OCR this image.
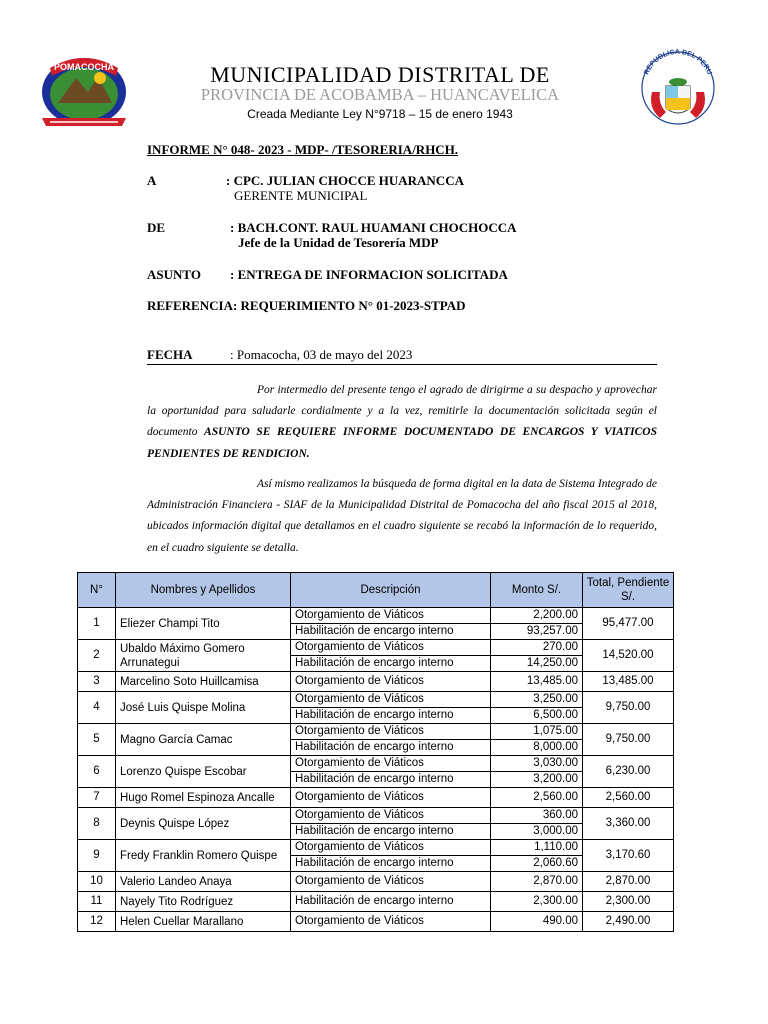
POMACOCHA
REPUBLICA DEL PERU
MUNICIPALIDAD DISTRITAL DE
PROVINCIA DE ACOBAMBA – HUANCAVELICA
Creada Mediante Ley N°9718 – 15 de enero 1943
INFORME N° 048- 2023 - MDP- /TESORERIA/RHCH.
A	: CPC. JULIAN CHOCCE HUARANCCA
GERENTE MUNICIPAL
DE	: BACH.CONT. RAUL HUAMANI CHOCHOCCA
Jefe de la Unidad de Tesorería MDP
ASUNTO : ENTREGA DE INFORMACION SOLICITADA
REFERENCIA: REQUERIMIENTO N° 01-2023-STPAD
FECHA	: Pomacocha, 03 de mayo del 2023
Por intermedio del presente tengo el agrado de dirigirme a su despacho y aprovechar la oportunidad para saludarle cordialmente y a la vez, remitirle la documentación solicitada según el documento ASUNTO SE REQUIERE INFORME DOCUMENTADO DE ENCARGOS Y VIATICOS PENDIENTES DE RENDICION.
Así mismo realizamos la búsqueda de forma digital en la data de Sistema Integrado de Administración Financiera - SIAF de la Municipalidad Distrital de Pomacocha del año fiscal 2015 al 2018, ubicados información digital que detallamos en el cuadro siguiente se recabó la información de lo requerido, en el cuadro siguiente se detalla.
N°	Nombres y Apellidos	Descripción	Monto S/.	Total, Pendiente S/.
1	Eliezer Champi Tito	Otorgamiento de Viáticos	2,200.00	95,477.00
		Habilitación de encargo interno	93,257.00	
2	Ubaldo Máximo Gomero Arrunategui	Otorgamiento de Viáticos	270.00	14,520.00
		Habilitación de encargo interno	14,250.00	
3	Marcelino Soto Huillcamisa	Otorgamiento de Viáticos	13,485.00	13,485.00
4	José Luis Quispe Molina	Otorgamiento de Viáticos	3,250.00	9,750.00
		Habilitación de encargo interno	6,500.00	
5	Magno García Camac	Otorgamiento de Viáticos	1,075.00	9,750.00
		Habilitación de encargo interno	8,000.00	
6	Lorenzo Quispe Escobar	Otorgamiento de Viáticos	3,030.00	6,230.00
		Habilitación de encargo interno	3,200.00	
7	Hugo Romel Espinoza Ancalle	Otorgamiento de Viáticos	2,560.00	2,560.00
8	Deynis Quispe López	Otorgamiento de Viáticos	360.00	3,360.00
		Habilitación de encargo interno	3,000.00	
9	Fredy Franklin Romero Quispe	Otorgamiento de Viáticos	1,110.00	3,170.60
		Habilitación de encargo interno	2,060.60	
10	Valerio Landeo Anaya	Otorgamiento de Viáticos	2,870.00	2,870.00
11	Nayely Tito Rodríguez	Habilitación de encargo interno	2,300.00	2,300.00
12	Helen Cuellar Marallano	Otorgamiento de Viáticos	490.00	2,490.00
